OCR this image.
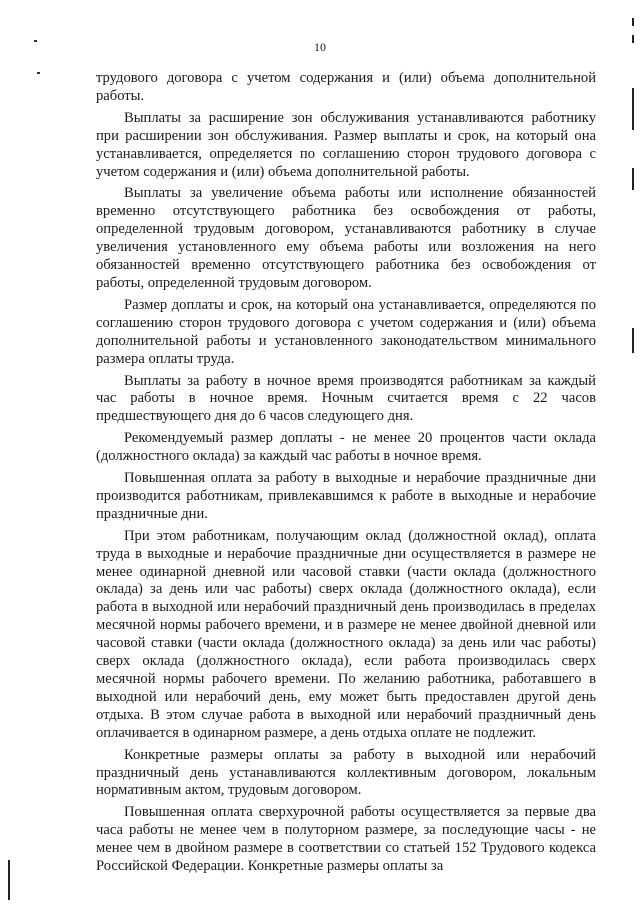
10

трудового договора с учетом содержания и (или) объема дополнительной работы.

Выплаты за расширение зон обслуживания устанавливаются работнику при расширении зон обслуживания. Размер выплаты и срок, на который она устанавливается, определяется по соглашению сторон трудового договора с учетом содержания и (или) объема дополнительной работы.

Выплаты за увеличение объема работы или исполнение обязанностей временно отсутствующего работника без освобождения от работы, определенной трудовым договором, устанавливаются работнику в случае увеличения установленного ему объема работы или возложения на него обязанностей временно отсутствующего работника без освобождения от работы, определенной трудовым договором.

Размер доплаты и срок, на который она устанавливается, определяются по соглашению сторон трудового договора с учетом содержания и (или) объема дополнительной работы и установленного законодательством минимального размера оплаты труда.

Выплаты за работу в ночное время производятся работникам за каждый час работы в ночное время. Ночным считается время с 22 часов предшествующего дня до 6 часов следующего дня.

Рекомендуемый размер доплаты - не менее 20 процентов части оклада (должностного оклада) за каждый час работы в ночное время.

Повышенная оплата за работу в выходные и нерабочие праздничные дни производится работникам, привлекавшимся к работе в выходные и нерабочие праздничные дни.

При этом работникам, получающим оклад (должностной оклад), оплата труда в выходные и нерабочие праздничные дни осуществляется в размере не менее одинарной дневной или часовой ставки (части оклада (должностного оклада) за день или час работы) сверх оклада (должностного оклада), если работа в выходной или нерабочий праздничный день производилась в пределах месячной нормы рабочего времени, и в размере не менее двойной дневной или часовой ставки (части оклада (должностного оклада) за день или час работы) сверх оклада (должностного оклада), если работа производилась сверх месячной нормы рабочего времени. По желанию работника, работавшего в выходной или нерабочий день, ему может быть предоставлен другой день отдыха. В этом случае работа в выходной или нерабочий праздничный день оплачивается в одинарном размере, а день отдыха оплате не подлежит.

Конкретные размеры оплаты за работу в выходной или нерабочий праздничный день устанавливаются коллективным договором, локальным нормативным актом, трудовым договором.

Повышенная оплата сверхурочной работы осуществляется за первые два часа работы не менее чем в полуторном размере, за последующие часы - не менее чем в двойном размере в соответствии со статьей 152 Трудового кодекса Российской Федерации. Конкретные размеры оплаты за
